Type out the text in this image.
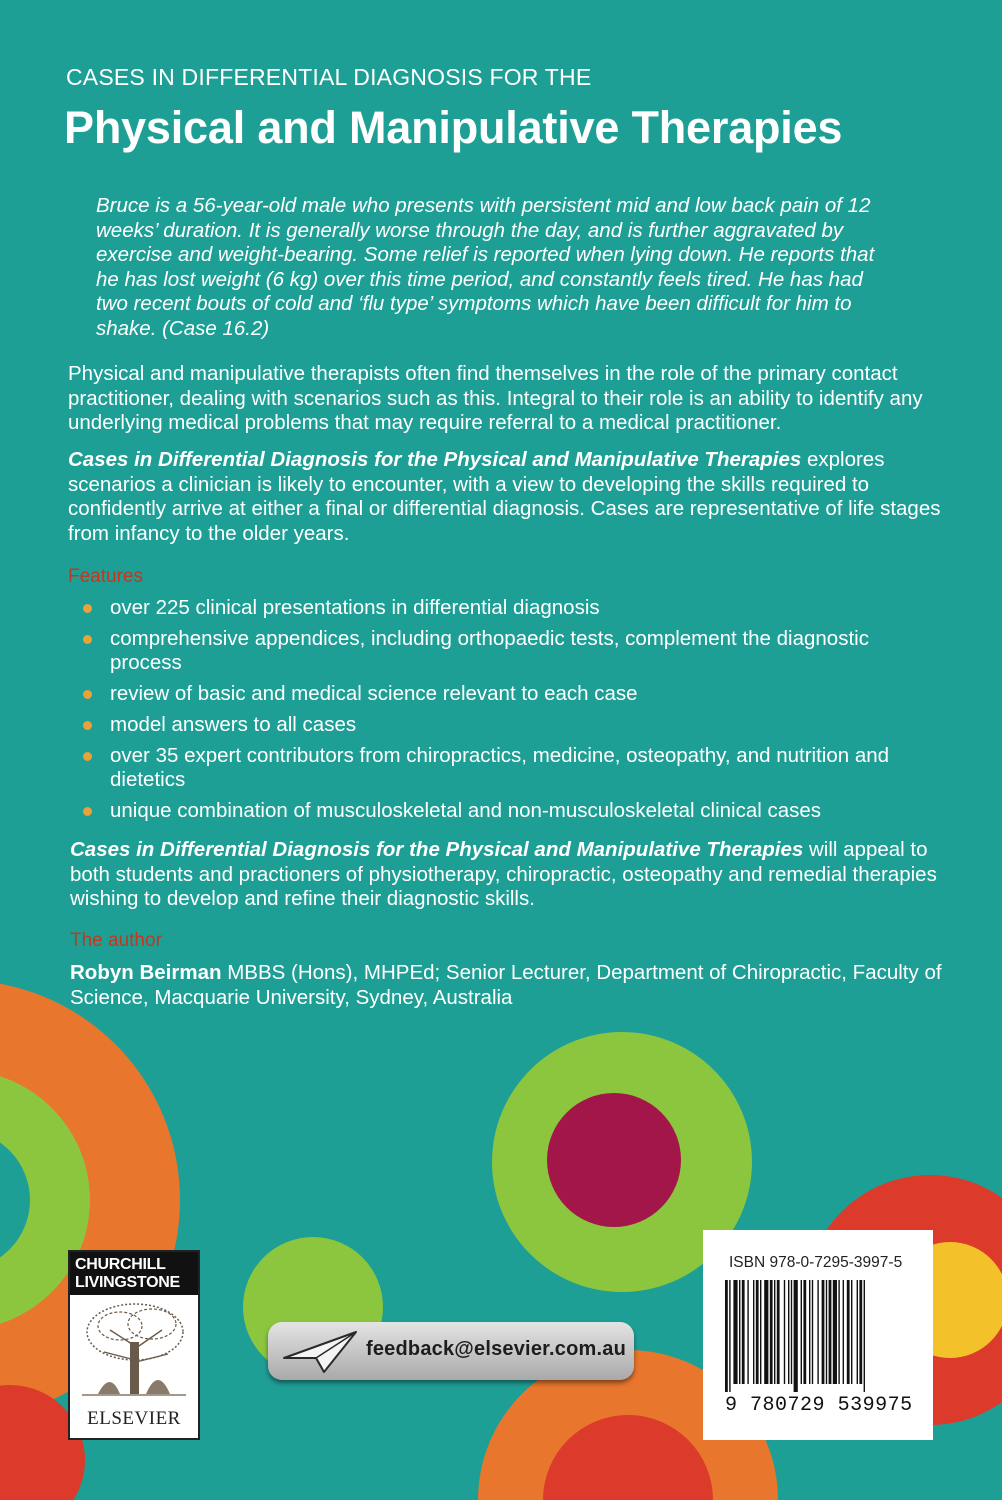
CASES IN DIFFERENTIAL DIAGNOSIS FOR THE
Physical and Manipulative Therapies

Bruce is a 56-year-old male who presents with persistent mid and low back pain of 12 weeks’ duration. It is generally worse through the day, and is further aggravated by exercise and weight-bearing. Some relief is reported when lying down. He reports that he has lost weight (6 kg) over this time period, and constantly feels tired. He has had two recent bouts of cold and ‘flu type’ symptoms which have been difficult for him to shake. (Case 16.2)

Physical and manipulative therapists often find themselves in the role of the primary contact practitioner, dealing with scenarios such as this. Integral to their role is an ability to identify any underlying medical problems that may require referral to a medical practitioner.

Cases in Differential Diagnosis for the Physical and Manipulative Therapies explores scenarios a clinician is likely to encounter, with a view to developing the skills required to confidently arrive at either a final or differential diagnosis. Cases are representative of life stages from infancy to the older years.

Features
over 225 clinical presentations in differential diagnosis
comprehensive appendices, including orthopaedic tests, complement the diagnostic process
review of basic and medical science relevant to each case
model answers to all cases
over 35 expert contributors from chiropractics, medicine, osteopathy, and nutrition and dietetics
unique combination of musculoskeletal and non-musculoskeletal clinical cases

Cases in Differential Diagnosis for the Physical and Manipulative Therapies will appeal to both students and practioners of physiotherapy, chiropractic, osteopathy and remedial therapies wishing to develop and refine their diagnostic skills.

The author

Robyn Beirman MBBS (Hons), MHPEd; Senior Lecturer, Department of Chiropractic, Faculty of Science, Macquarie University, Sydney, Australia

CHURCHILL
LIVINGSTONE
ELSEVIER
feedback@elsevier.com.au
ISBN 978-0-7295-3997-5
9 780729 539975
